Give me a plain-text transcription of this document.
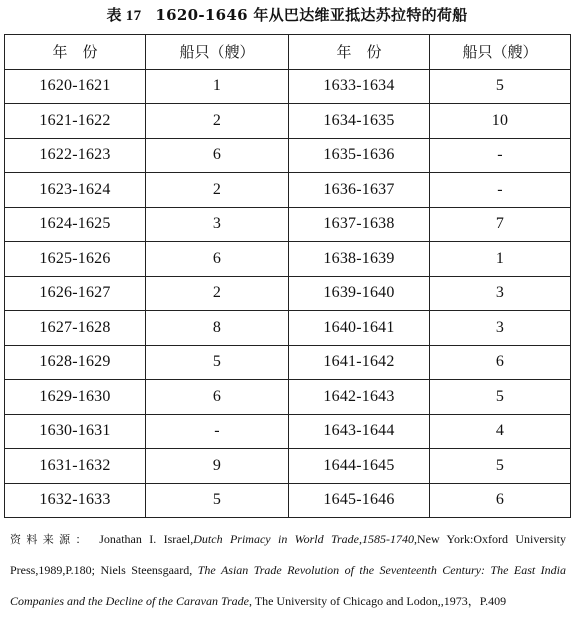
表 17 1620-1646 年从巴达维亚抵达苏拉特的荷船
年　份	船只（艘）	年　份	船只（艘）
1620-1621	1	1633-1634	5
1621-1622	2	1634-1635	10
1622-1623	6	1635-1636	-
1623-1624	2	1636-1637	-
1624-1625	3	1637-1638	7
1625-1626	6	1638-1639	1
1626-1627	2	1639-1640	3
1627-1628	8	1640-1641	3
1628-1629	5	1641-1642	6
1629-1630	6	1642-1643	5
1630-1631	-	1643-1644	4
1631-1632	9	1644-1645	5
1632-1633	5	1645-1646	6
资料来源： Jonathan I. Israel,Dutch Primacy in World Trade,1585-1740,New York:Oxford University Press,1989,P.180; Niels Steensgaard, The Asian Trade Revolution of the Seventeenth Century: The East India Companies and the Decline of the Caravan Trade, The University of Chicago and Lodon,,1973，P.409
